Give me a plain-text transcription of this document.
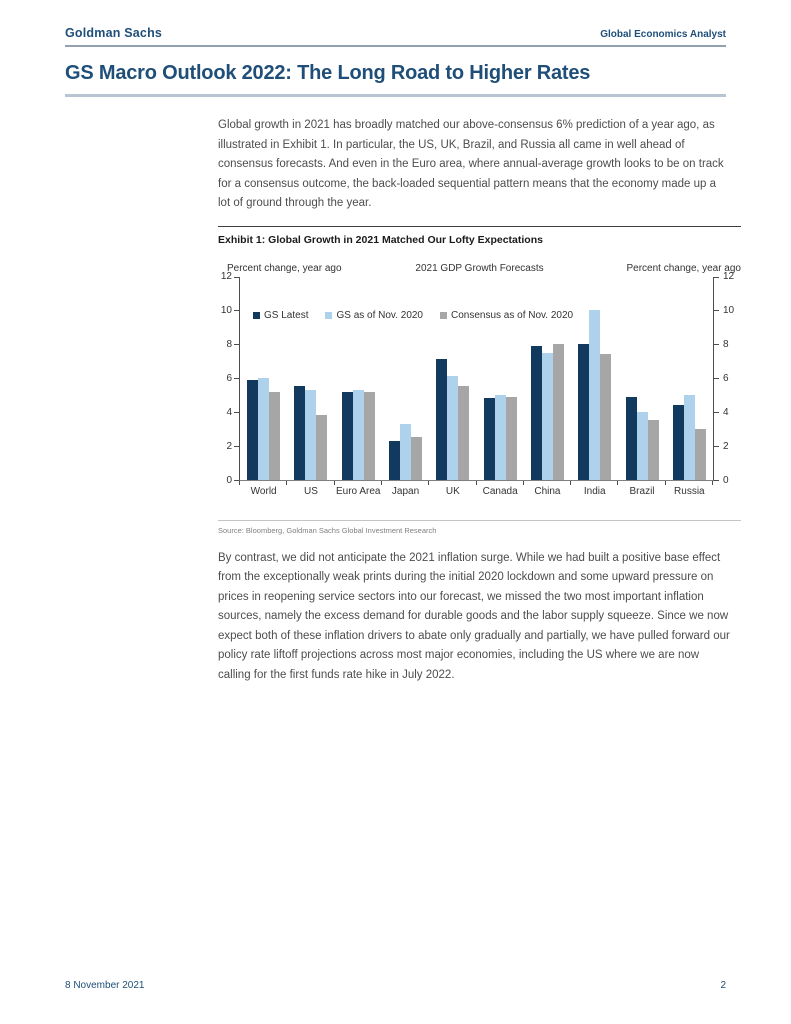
Goldman Sachs	Global Economics Analyst
GS Macro Outlook 2022: The Long Road to Higher Rates

Global growth in 2021 has broadly matched our above-consensus 6% prediction of a year ago, as illustrated in Exhibit 1. In particular, the US, UK, Brazil, and Russia all came in well ahead of consensus forecasts. And even in the Euro area, where annual-average growth looks to be on track for a consensus outcome, the back-loaded sequential pattern means that the economy made up a lot of ground through the year.

Exhibit 1: Global Growth in 2021 Matched Our Lofty Expectations
Percent change, year ago	2021 GDP Growth Forecasts	Percent change, year ago
0
2
4
6
8
10
12
GS Latest	GS as of Nov. 2020	Consensus as of Nov. 2020
0
2
4
6
8
10
12
World	US	Euro Area	Japan	UK	Canada	China	India	Brazil	Russia
Source: Bloomberg, Goldman Sachs Global Investment Research

By contrast, we did not anticipate the 2021 inflation surge. While we had built a positive base effect from the exceptionally weak prints during the initial 2020 lockdown and some upward pressure on prices in reopening service sectors into our forecast, we missed the two most important inflation sources, namely the excess demand for durable goods and the labor supply squeeze. Since we now expect both of these inflation drivers to abate only gradually and partially, we have pulled forward our policy rate liftoff projections across most major economies, including the US where we are now calling for the first funds rate hike in July 2022.

8 November 2021	2
